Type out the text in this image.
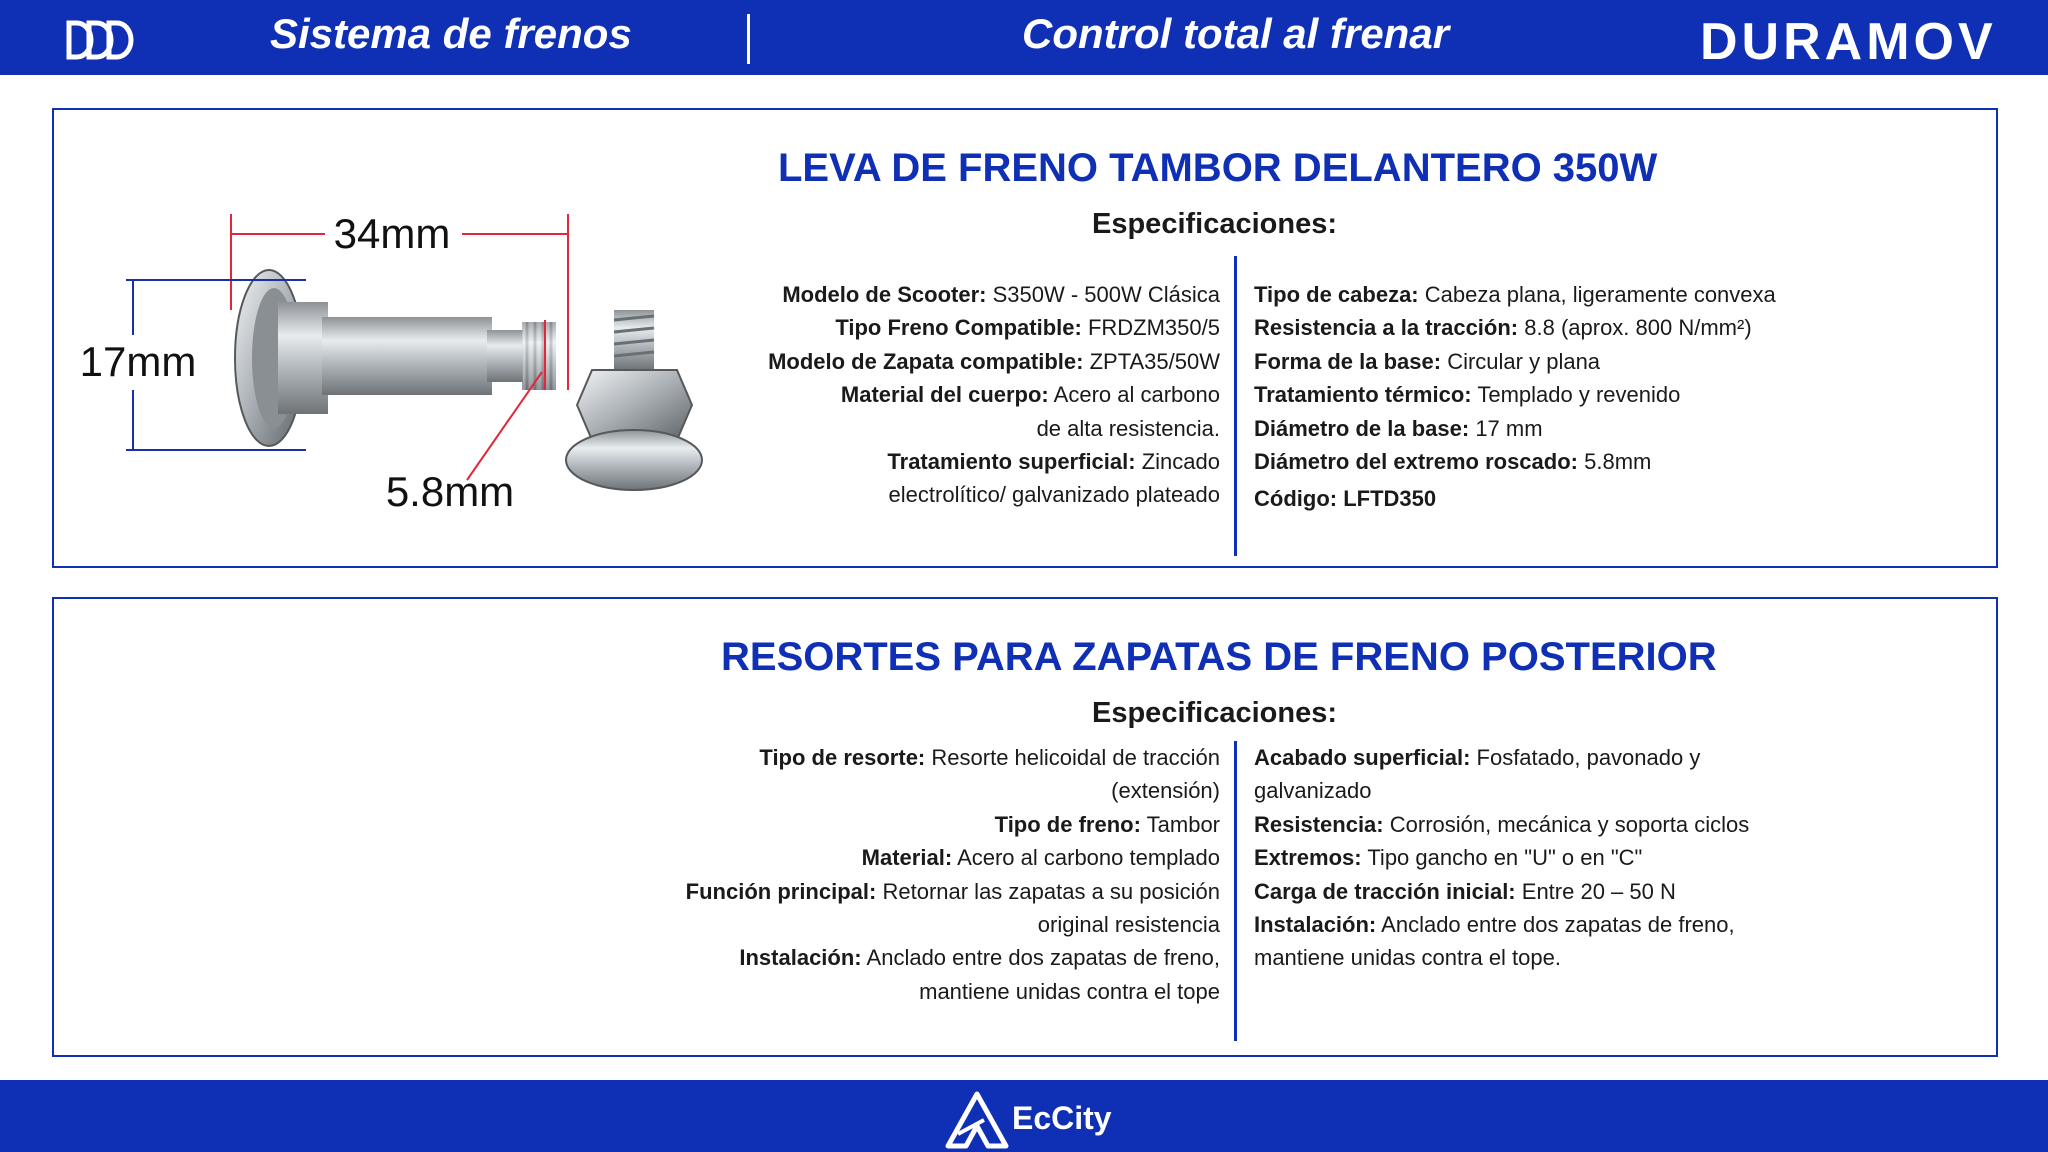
Sistema de frenos	Control total al frenar	DURAMOV
34mm
17mm
5.8mm
LEVA DE FRENO TAMBOR DELANTERO 350W
Especificaciones:
Modelo de Scooter: S350W - 500W Clásica
Tipo Freno Compatible: FRDZM350/5
Modelo de Zapata compatible: ZPTA35/50W
Material del cuerpo: Acero al carbono de alta resistencia.
Tratamiento superficial: Zincado electrolítico/ galvanizado plateado
Tipo de cabeza: Cabeza plana, ligeramente convexa
Resistencia a la tracción: 8.8 (aprox. 800 N/mm²)
Forma de la base: Circular y plana
Tratamiento térmico: Templado y revenido
Diámetro de la base: 17 mm
Diámetro del extremo roscado: 5.8mm
Código: LFTD350
RESORTES PARA ZAPATAS DE FRENO POSTERIOR
Especificaciones:
Tipo de resorte: Resorte helicoidal de tracción (extensión)
Tipo de freno: Tambor
Material: Acero al carbono templado
Función principal: Retornar las zapatas a su posición original resistencia
Instalación: Anclado entre dos zapatas de freno, mantiene unidas contra el tope
Acabado superficial: Fosfatado, pavonado y galvanizado
Resistencia: Corrosión, mecánica y soporta ciclos
Extremos: Tipo gancho en "U" o en "C"
Carga de tracción inicial: Entre 20 – 50 N
Instalación: Anclado entre dos zapatas de freno, mantiene unidas contra el tope.
EcCity
